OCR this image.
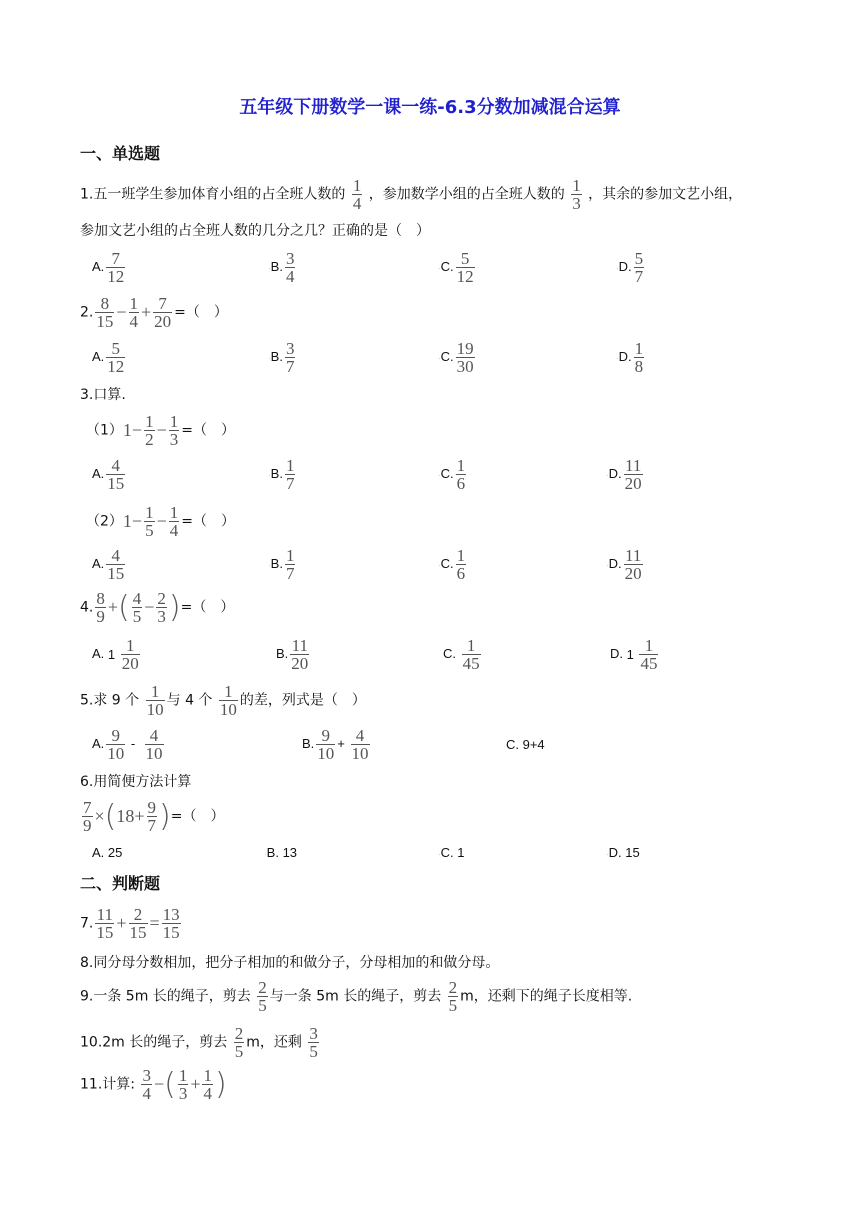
五年级下册数学一课一练-6.3分数加减混合运算
一、单选题
1.五一班学生参加体育小组的占全班人数的 $\frac{1}{4}$ ，参加数学小组的占全班人数的 $\frac{1}{3}$ ，其余的参加文艺小组，
参加文艺小组的占全班人数的几分之几？正确的是（　）
A. $\frac{7}{12}$	·B. $\frac{3}{4}$	·C. $\frac{5}{12}$	·D. $\frac{5}{7}$
2. $\frac{8}{15} - \frac{1}{4} + \frac{7}{20}$ =（　）
A. $\frac{5}{12}$	·B. $\frac{3}{7}$	·C. $\frac{19}{30}$	·D. $\frac{1}{8}$
3.口算.
$(1)1- \frac{1}{2} - \frac{1}{3}$ =（　）
A. $\frac{4}{15}$	·B. $\frac{1}{7}$	·C. $\frac{1}{6}$	·D. $\frac{11}{20}$
$(2)1- \frac{1}{5} - \frac{1}{4}$ =（　）
A. $\frac{4}{15}$	·B. $\frac{1}{7}$	·C. $\frac{1}{6}$	·D. $\frac{11}{20}$
4. $\frac{8}{9}$ +( $\frac{4}{5} - \frac{2}{3}$ )=（　）
A. $1 \frac{1}{20}$	B. $\frac{11}{20}$	C. $\frac{1}{45}$	D. $1 \frac{1}{45}$
5.求 9 个 $\frac{1}{10}$ 与 4 个 $\frac{1}{10}$ 的差，列式是（　）
A. $\frac{9}{10} - \frac{4}{10}$	B. $\frac{9}{10} + \frac{4}{10}$	C. 9+4
6.用简便方法计算
$\frac{7}{9} \times(18+ \frac{9}{7}$ )=（　）
A. 25	·B. 13	·C. 1	·D. 15
二、判断题
7. $\frac{11}{15} + \frac{2}{15} = \frac{13}{15}$
8.同分母分数相加，把分子相加的和做分子，分母相加的和做分母。
9.一条 5m 长的绳子，剪去 $\frac{2}{5}$ 与一条 5m 长的绳子，剪去 $\frac{2}{5}$ m，还剩下的绳子长度相等.
10.2m 长的绳子，剪去 $\frac{2}{5}$ m，还剩 $\frac{3}{5}$
11.计算: $\frac{3}{4}$ −( $\frac{1}{3} + \frac{1}{4}$ )
